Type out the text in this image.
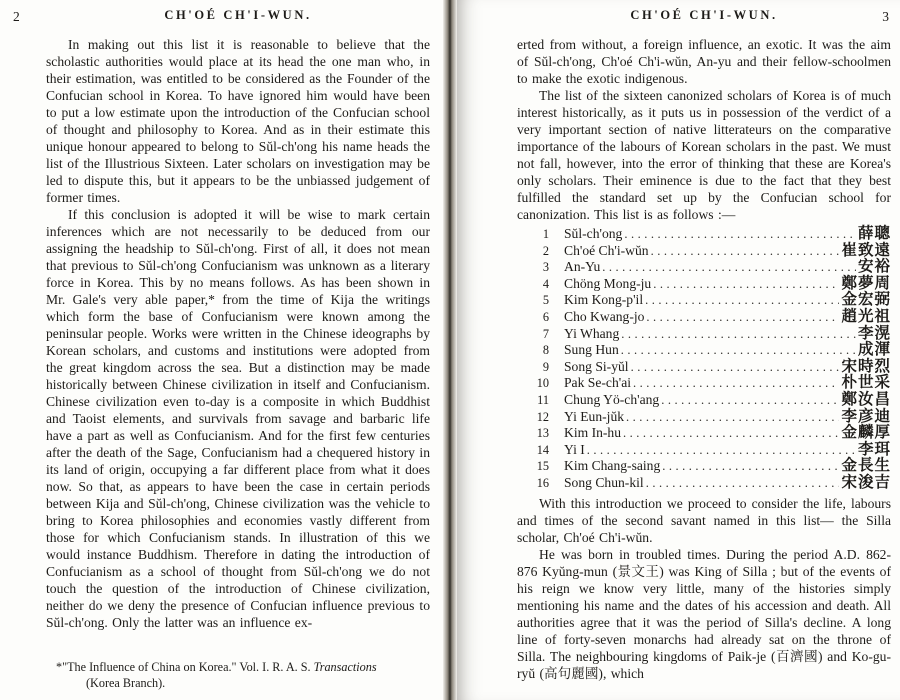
CH'OÉ CH'I-WUN.
2

In making out this list it is reasonable to believe that the scholastic authorities would place at its head the one man who, in their estimation, was entitled to be considered as the Founder of the Confucian school in Korea. To have ignored him would have been to put a low estimate upon the introduction of the Confucian school of thought and philosophy to Korea. And as in their estimate this unique honour appeared to belong to Sŭl-ch'ong his name heads the list of the Illustrious Sixteen. Later scholars on investigation may be led to dispute this, but it appears to be the unbiassed judgement of former times.

If this conclusion is adopted it will be wise to mark certain inferences which are not necessarily to be deduced from our assigning the headship to Sŭl-ch'ong. First of all, it does not mean that previous to Sŭl-ch'ong Confucianism was unknown as a literary force in Korea. This by no means follows. As has been shown in Mr. Gale's very able paper,* from the time of Kija the writings which form the base of Confucianism were known among the peninsular people. Works were written in the Chinese ideographs by Korean scholars, and customs and institutions were adopted from the great kingdom across the sea. But a distinction may be made historically between Chinese civilization in itself and Confucianism. Chinese civilization even to-day is a composite in which Buddhist and Taoist elements, and survivals from savage and barbaric life have a part as well as Confucianism. And for the first few centuries after the death of the Sage, Confucianism had a chequered history in its land of origin, occupying a far different place from what it does now. So that, as appears to have been the case in certain periods between Kija and Sŭl-ch'ong, Chinese civilization was the vehicle to bring to Korea philosophies and economies vastly different from those for which Confucianism stands. In illustration of this we would instance Buddhism. Therefore in dating the introduction of Confucianism as a school of thought from Sŭl-ch'ong we do not touch the question of the introduction of Chinese civilization, neither do we deny the presence of Confucian influence previous to Sŭl-ch'ong. Only the latter was an influence ex-

*"The Influence of China on Korea." Vol. I. R. A. S. Transactions
(Korea Branch).
CH'OÉ CH'I-WUN.	3

erted from without, a foreign influence, an exotic. It was the aim of Sŭl-ch'ong, Ch'oé Ch'i-wŭn, An-yu and their fellow-schoolmen to make the exotic indigenous.

The list of the sixteen canonized scholars of Korea is of much interest historically, as it puts us in possession of the verdict of a very important section of native litterateurs on the comparative importance of the labours of Korean scholars in the past. We must not fall, however, into the error of thinking that these are Korea's only scholars. Their eminence is due to the fact that they best fulfilled the standard set up by the Confucian school for canonization. This list is as follows :—

1 Sŭl-ch'ong .....	薛聰
2 Ch'oé Ch'i-wŭn .....	崔致遠
3 An-Yu .....	安裕
4 Chöng Mong-ju .....	鄭夢周
5 Kim Kong-p'il .....	金宏弼
6 Cho Kwang-jo .....	趙光祖
7 Yi Whang .....	李滉
8 Sung Hun .....	成渾
9 Song Si-yŭl .....	宋時烈
10 Pak Se-ch'ai .....	朴世采
11 Chung Yö-ch'ang .....	鄭汝昌
12 Yi Eun-jŭk .....	李彦迪
13 Kim In-hu .....	金麟厚
14 Yi I .....	李珥
15 Kim Chang-saing .....	金長生
16 Song Chun-kil .....	宋浚吉

With this introduction we proceed to consider the life, labours and times of the second savant named in this list— the Silla scholar, Ch'oé Ch'i-wŭn.

He was born in troubled times. During the period A.D. 862-876 Kyŭng-mun (景文王) was King of Silla ; but of the events of his reign we know very little, many of the histories simply mentioning his name and the dates of his accession and death. All authorities agree that it was the period of Silla's decline. A long line of forty-seven monarchs had already sat on the throne of Silla. The neighbouring kingdoms of Paik-je (百濟國) and Ko-gu-ryŭ (高句麗國), which
